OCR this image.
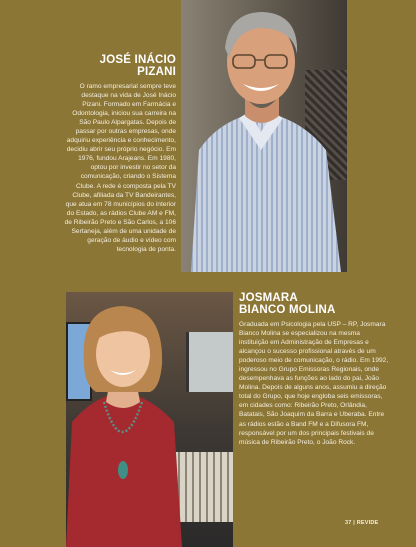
JOSÉ INÁCIO
PIZANI

O ramo empresarial sempre teve destaque na vida de José Inácio Pizani. Formado em Farmácia e Odontologia, iniciou sua carreira na São Paulo Alpargatas. Depois de passar por outras empresas, onde adquiriu experiência e conhecimento, decidiu abrir seu próprio negócio. Em 1976, fundou Arajeans. Em 1980, optou por investir no setor da comunicação, criando o Sistema Clube. A rede é composta pela TV Clube, afiliada da TV Bandeirantes, que atua em 78 municípios do interior do Estado, as rádios Clube AM e FM, de Ribeirão Preto e São Carlos, a 106 Sertaneja, além de uma unidade de geração de áudio e vídeo com tecnologia de ponta.

JOSMARA
BIANCO MOLINA

Graduada em Psicologia pela USP – RP, Josmara Bianco Molina se especializou na mesma instituição em Administração de Empresas e alcançou o sucesso profissional através de um poderoso meio de comunicação, o rádio. Em 1992, ingressou no Grupo Emissoras Regionais, onde desempenhava as funções ao lado do pai, João Molina. Depois de alguns anos, assumiu a direção total do Grupo, que hoje engloba seis emissoras, em cidades como: Ribeirão Preto, Orlândia, Batatais, São Joaquim da Barra e Uberaba. Entre as rádios estão a Band FM e a Difusora FM, responsável por um dos principais festivais de música de Ribeirão Preto, o João Rock.

37 | REVIDE
